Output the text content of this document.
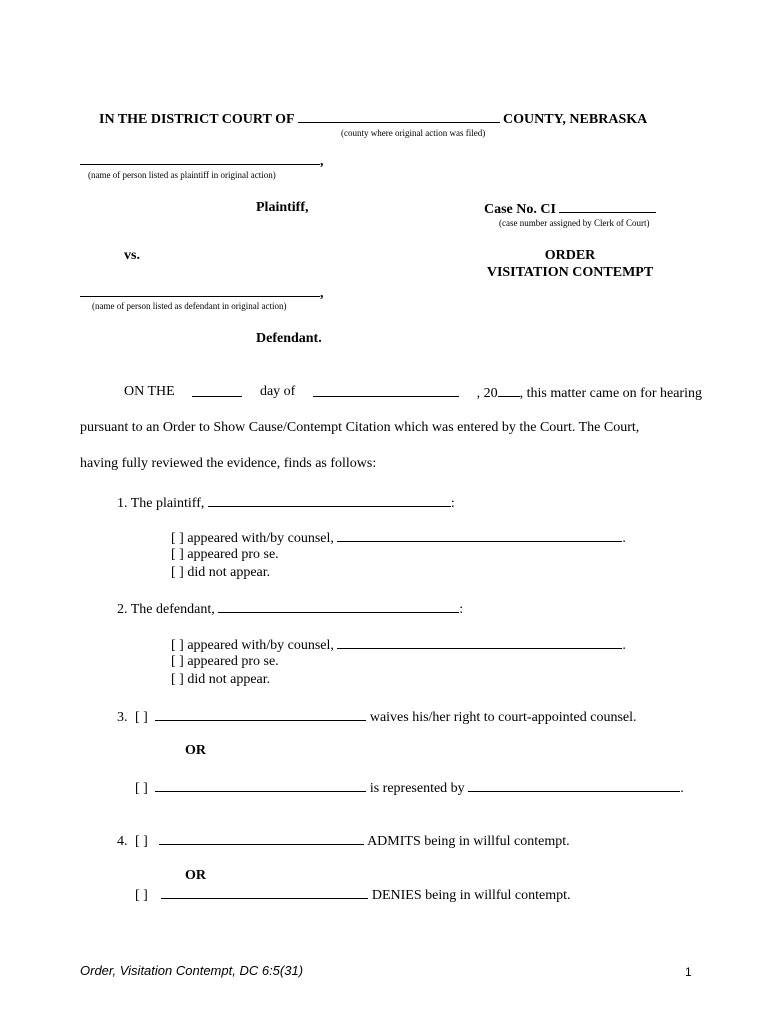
IN THE DISTRICT COURT OF	COUNTY, NEBRASKA
(county where original action was filed)
,
(name of person listed as plaintiff in original action)
Plaintiff,	Case No. CI
(case number assigned by Clerk of Court)
vs.	ORDER
VISITATION CONTEMPT
,
(name of person listed as defendant in original action)
Defendant.
ON THE	day of	, 20 , this matter came on for hearing
pursuant to an Order to Show Cause/Contempt Citation which was entered by the Court. The Court,
having fully reviewed the evidence, finds as follows:
1. The plaintiff,	:
[ ] appeared with/by counsel,	.
[ ] appeared pro se.
[ ] did not appear.
2. The defendant,	:
[ ] appeared with/by counsel,	.
[ ] appeared pro se.
[ ] did not appear.
3. [ ]	waives his/her right to court-appointed counsel.
OR
[ ]	is represented by	.
4. [ ]	ADMITS being in willful contempt.
OR
[ ]	DENIES being in willful contempt.
Order, Visitation Contempt, DC 6:5(31)	1
